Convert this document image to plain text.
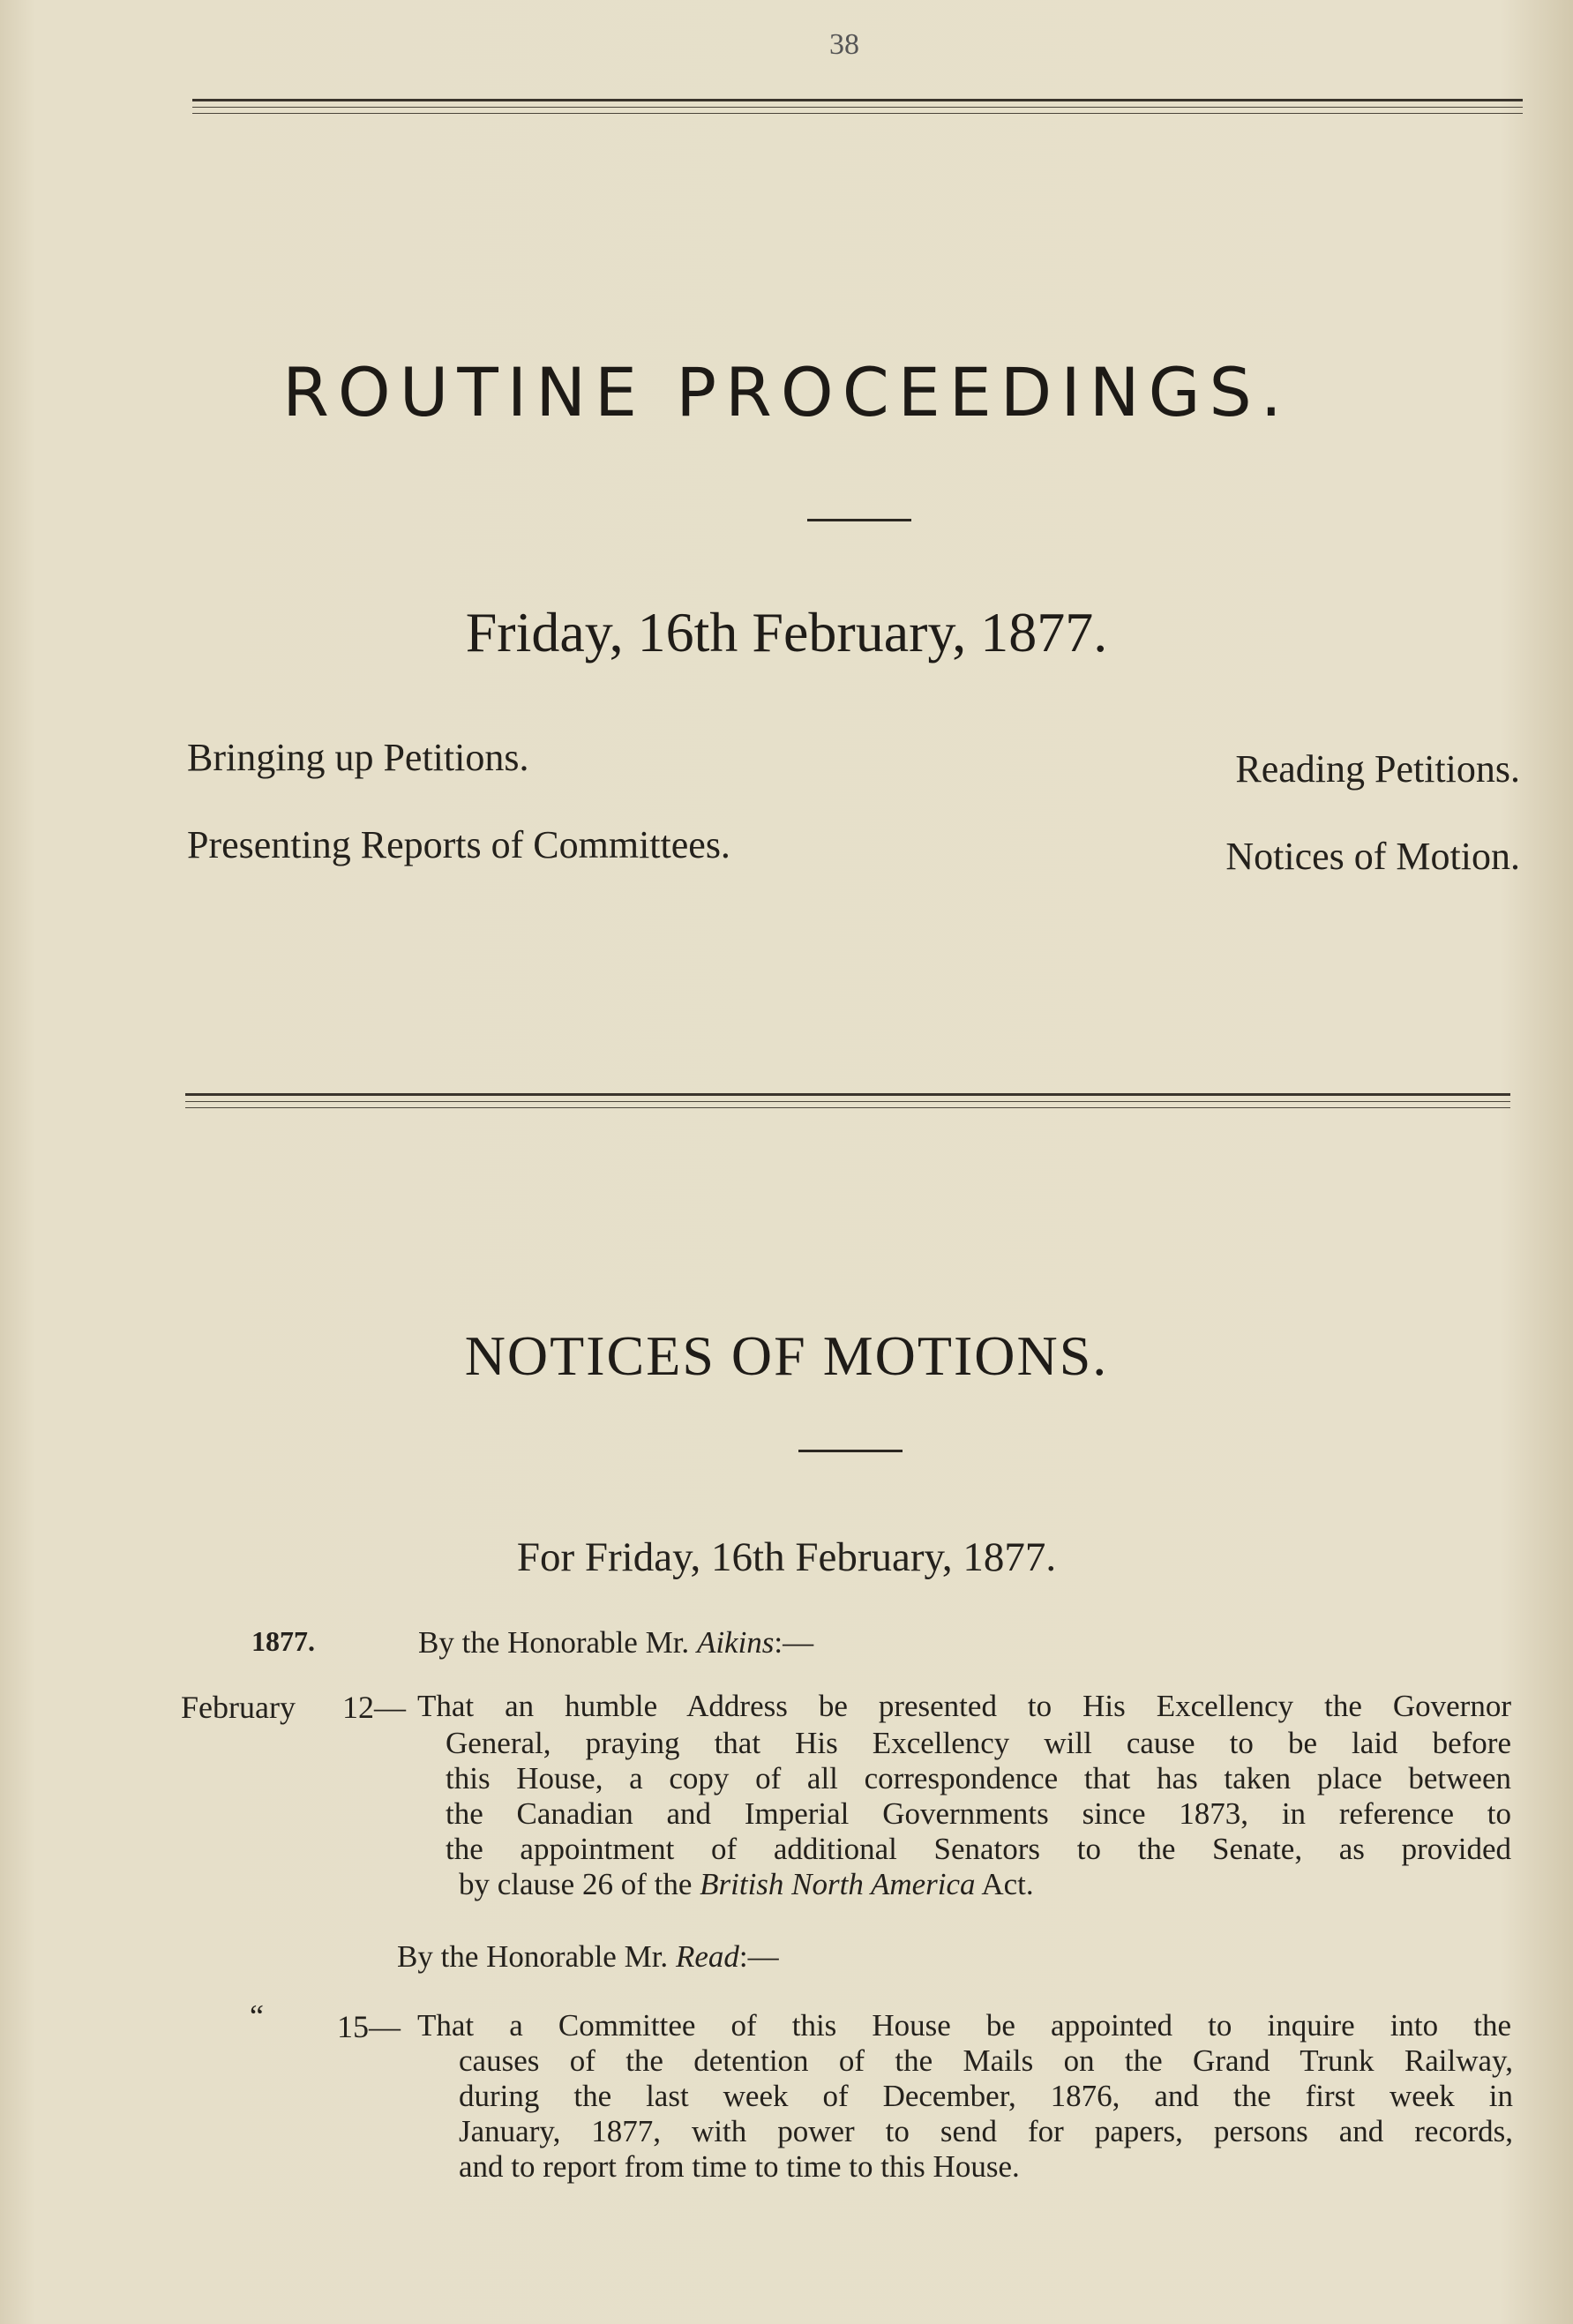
38
ROUTINE PROCEEDINGS.
Friday, 16th February, 1877.
Bringing up Petitions.
Presenting Reports of Committees.
Reading Petitions.
Notices of Motion.
NOTICES OF MOTIONS.
For Friday, 16th February, 1877.
1877.	By the Honorable Mr. Aikins:—
February 12— That an humble Address be presented to His Excellency the Governor
General, praying that His Excellency will cause to be laid before
this House, a copy of all correspondence that has taken place between
the Canadian and Imperial Governments since 1873, in reference to
the appointment of additional Senators to the Senate, as provided
by clause 26 of the British North America Act.
By the Honorable Mr. Read:—
“ 15— That a Committee of this House be appointed to inquire into the
causes of the detention of the Mails on the Grand Trunk Railway,
during the last week of December, 1876, and the first week in
January, 1877, with power to send for papers, persons and records,
and to report from time to time to this House.
